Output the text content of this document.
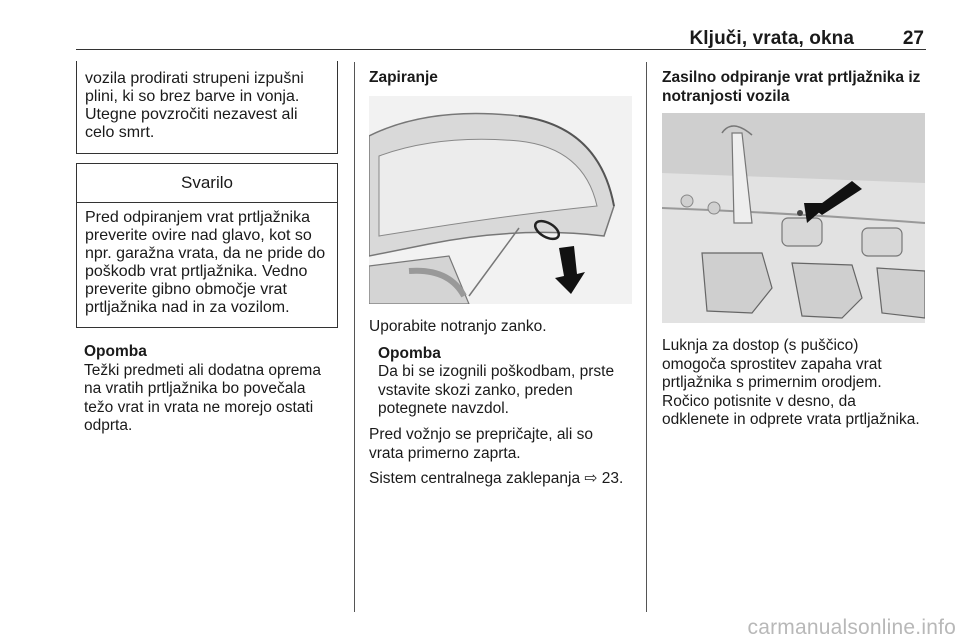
Ključi, vrata, okna	27

vozila prodirati strupeni izpušni
plini, ki so brez barve in vonja.
Utegne povzročiti nezavest ali
celo smrt.

Svarilo

Pred odpiranjem vrat prtljažnika
preverite ovire nad glavo, kot so
npr. garažna vrata, da ne pride do
poškodb vrat prtljažnika. Vedno
preverite gibno območje vrat
prtljažnika nad in za vozilom.

Opomba

Težki predmeti ali dodatna oprema
na vratih prtljažnika bo povečala
težo vrat in vrata ne morejo ostati
odprta.

Zapiranje

Uporabite notranjo zanko.

Opomba

Da bi se izognili poškodbam, prste
vstavite skozi zanko, preden
potegnete navzdol.

Pred vožnjo se prepričajte, ali so
vrata primerno zaprta.

Sistem centralnega zaklepanja ⇨ 23.

Zasilno odpiranje vrat prtljažnika iz
notranjosti vozila

Luknja za dostop (s puščico)
omogoča sprostitev zapaha vrat
prtljažnika s primernim orodjem.
Ročico potisnite v desno, da
odklenete in odprete vrata prtljažnika.

carmanualsonline.info
